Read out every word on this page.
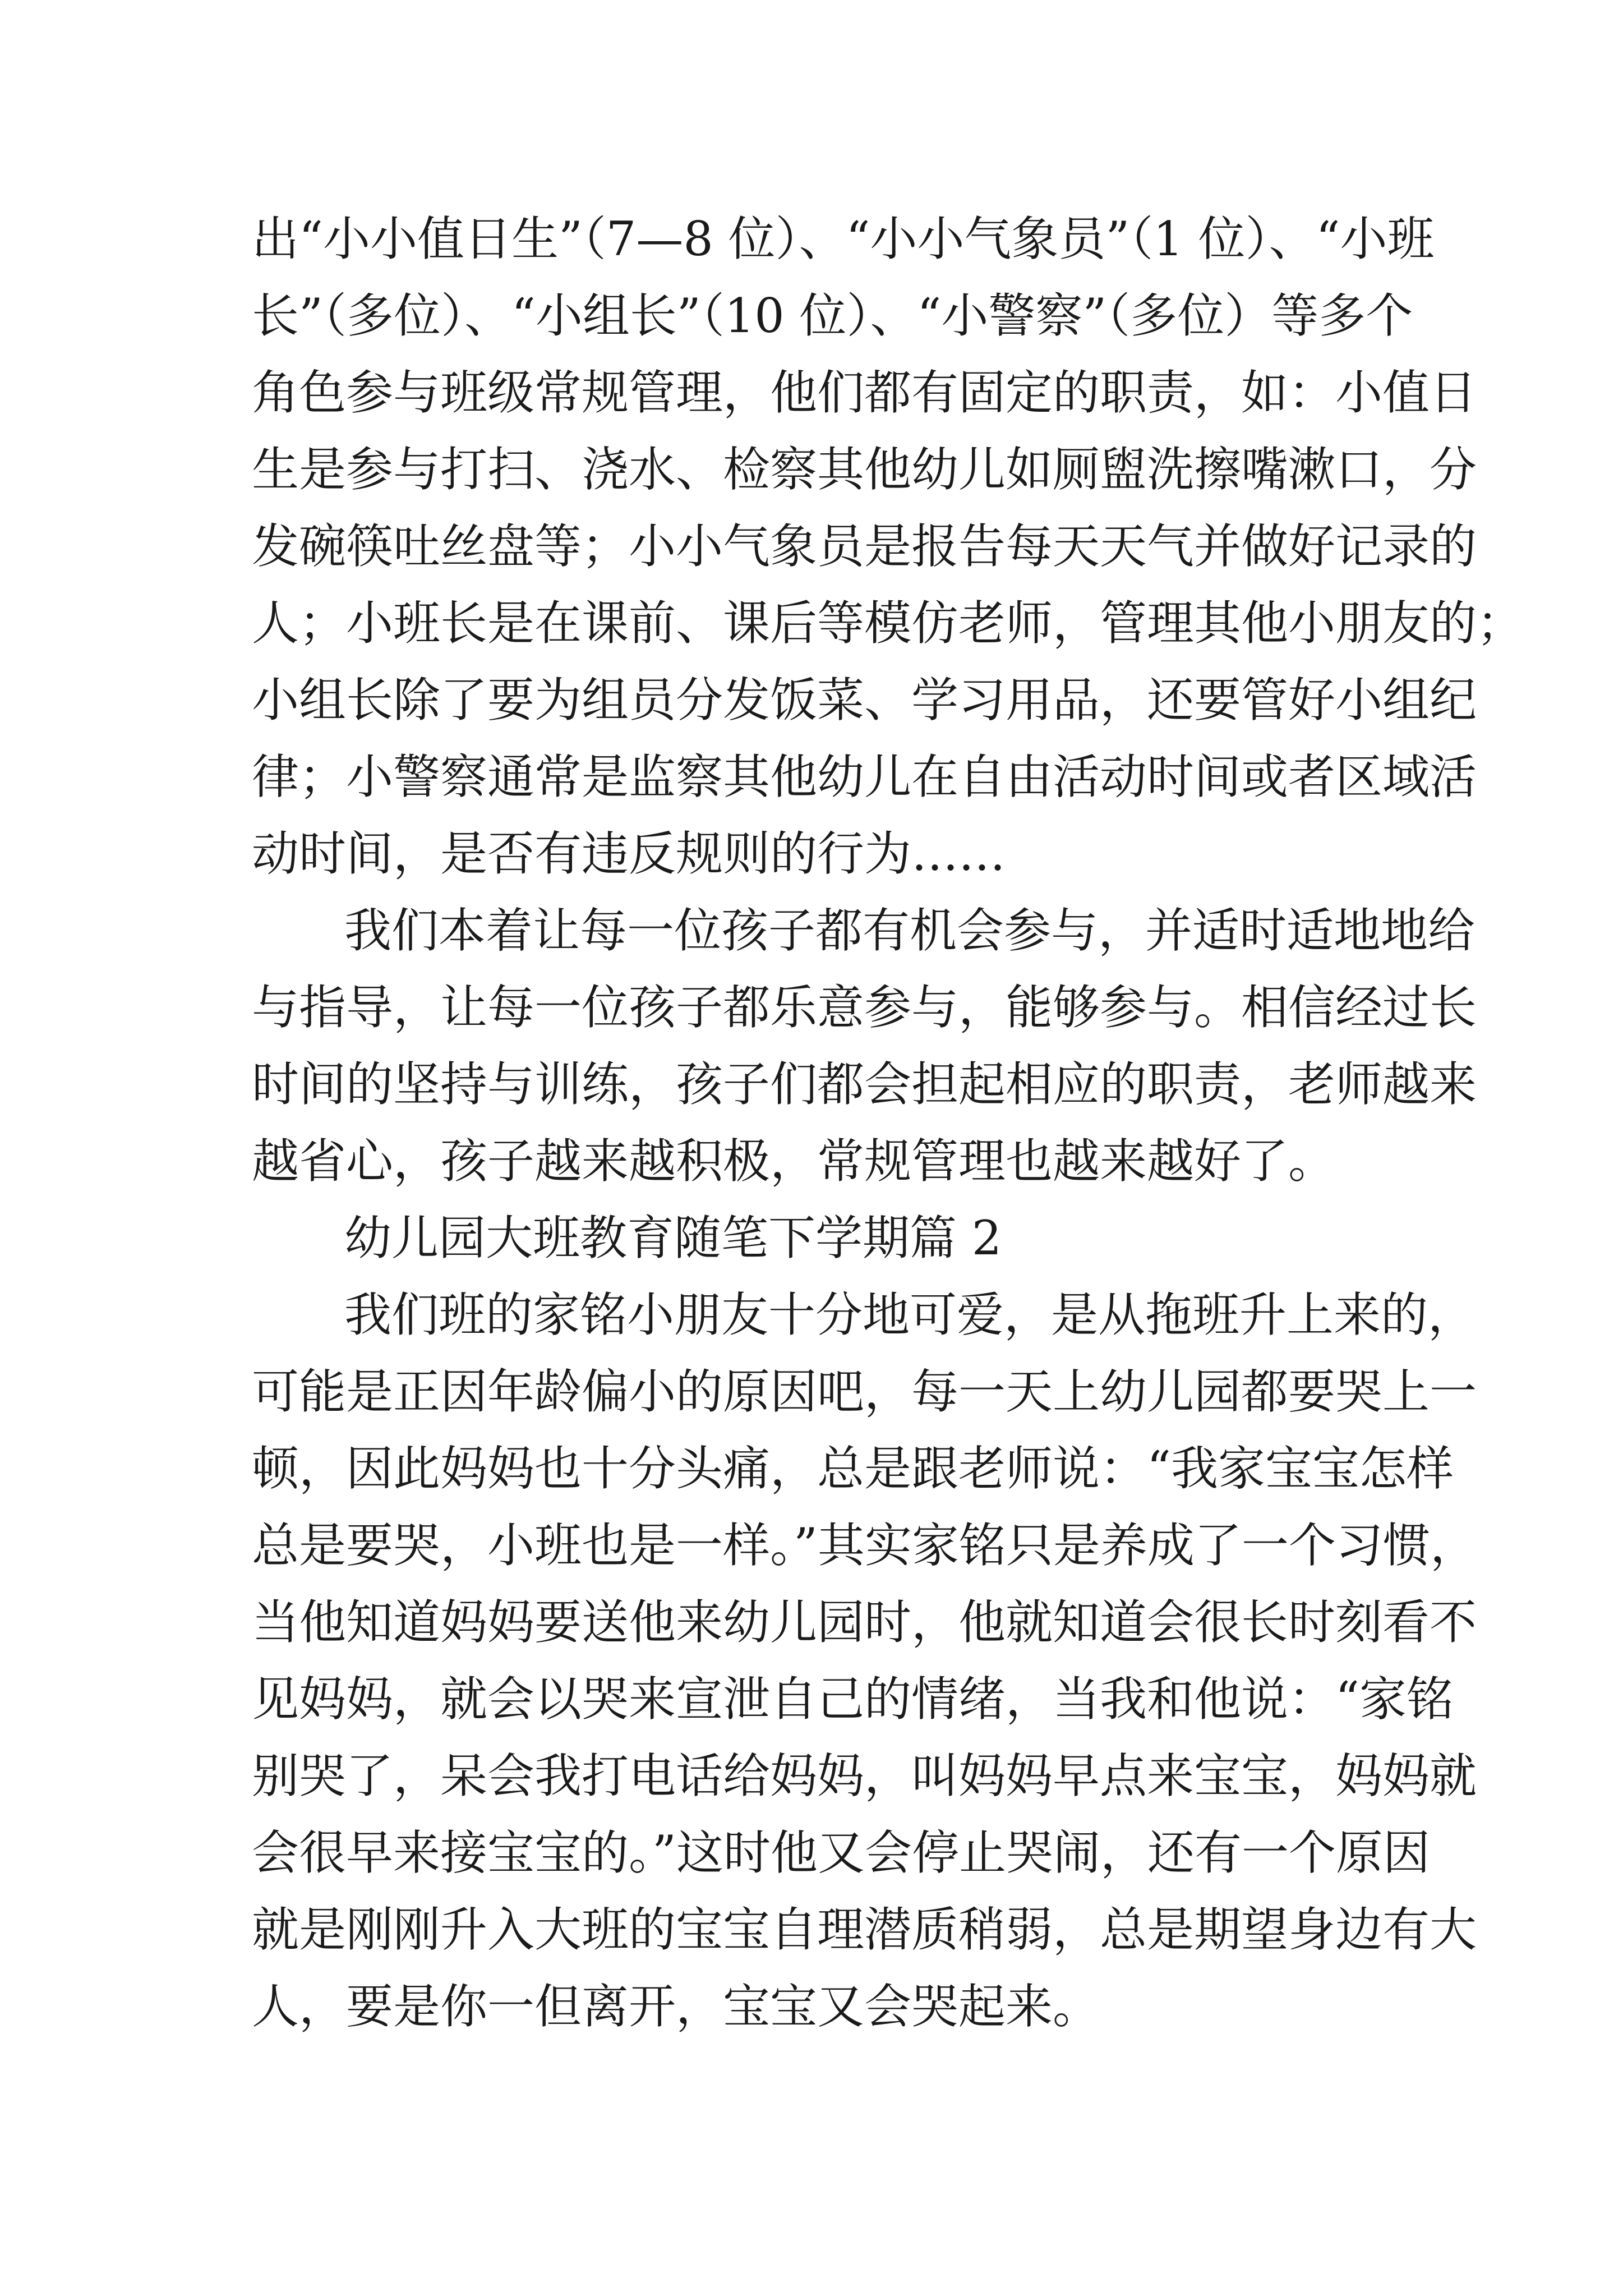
出“小小值日生”（7—8 位）、“小小气象员”（1 位）、“小班
长”（多位）、“小组长”（10 位）、“小警察”（多位）等多个
角色参与班级常规管理，他们都有固定的职责，如：小值日
生是参与打扫、浇水、检察其他幼儿如厕盥洗擦嘴漱口，分
发碗筷吐丝盘等；小小气象员是报告每天天气并做好记录的
人；小班长是在课前、课后等模仿老师，管理其他小朋友的；
小组长除了要为组员分发饭菜、学习用品，还要管好小组纪
律；小警察通常是监察其他幼儿在自由活动时间或者区域活
动时间，是否有违反规则的行为……
我们本着让每一位孩子都有机会参与，并适时适地地给
与指导，让每一位孩子都乐意参与，能够参与。相信经过长
时间的坚持与训练，孩子们都会担起相应的职责，老师越来
越省心，孩子越来越积极，常规管理也越来越好了。
幼儿园大班教育随笔下学期篇 2
我们班的家铭小朋友十分地可爱，是从拖班升上来的，
可能是正因年龄偏小的原因吧，每一天上幼儿园都要哭上一
顿，因此妈妈也十分头痛，总是跟老师说：“我家宝宝怎样
总是要哭，小班也是一样。”其实家铭只是养成了一个习惯，
当他知道妈妈要送他来幼儿园时，他就知道会很长时刻看不
见妈妈，就会以哭来宣泄自己的情绪，当我和他说：“家铭
别哭了，呆会我打电话给妈妈，叫妈妈早点来宝宝，妈妈就
会很早来接宝宝的。”这时他又会停止哭闹，还有一个原因
就是刚刚升入大班的宝宝自理潜质稍弱，总是期望身边有大
人，要是你一但离开，宝宝又会哭起来。
